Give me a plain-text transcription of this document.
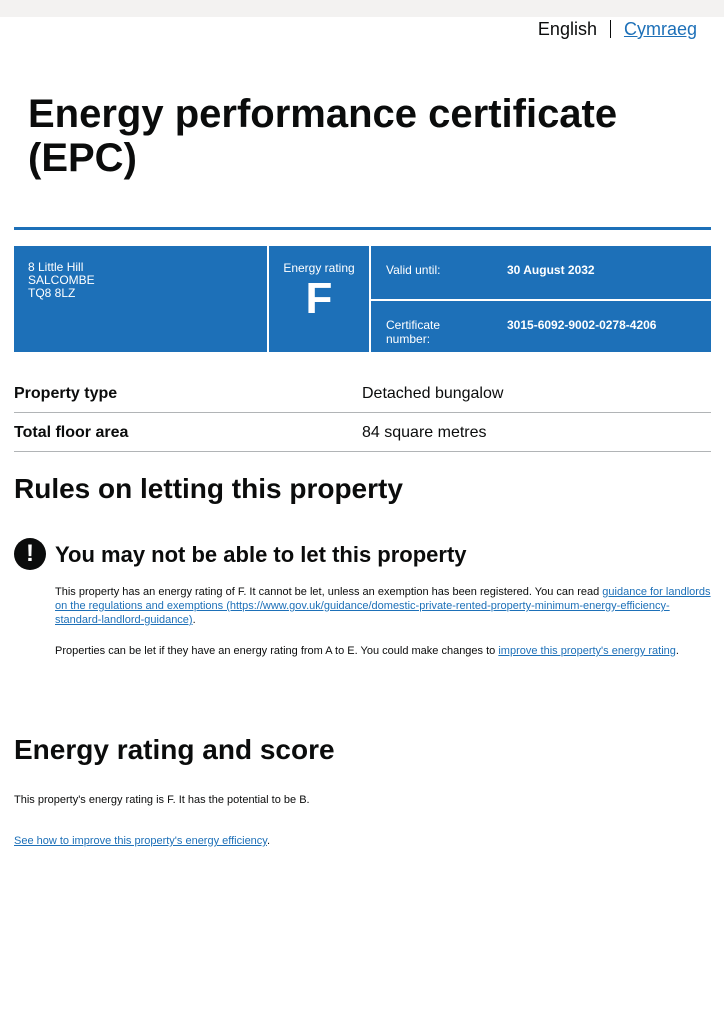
English Cymraeg
Energy performance certificate (EPC)
8 Little Hill
SALCOMBE
TQ8 8LZ
Energy rating
F
Valid until:	30 August 2032
Certificate number:
3015-6092-9002-0278-4206
Property type	Detached bungalow
Total floor area	84 square metres
Rules on letting this property
! You may not be able to let this property

This property has an energy rating of F. It cannot be let, unless an exemption has been registered. You can read guidance for landlords on the regulations and exemptions (https://www.gov.uk/guidance/domestic-private-rented-property-minimum-energy-efficiency-standard-landlord-guidance).

Properties can be let if they have an energy rating from A to E. You could make changes to improve this property's energy rating.

Energy rating and score

This property's energy rating is F. It has the potential to be B.

See how to improve this property's energy efficiency.
